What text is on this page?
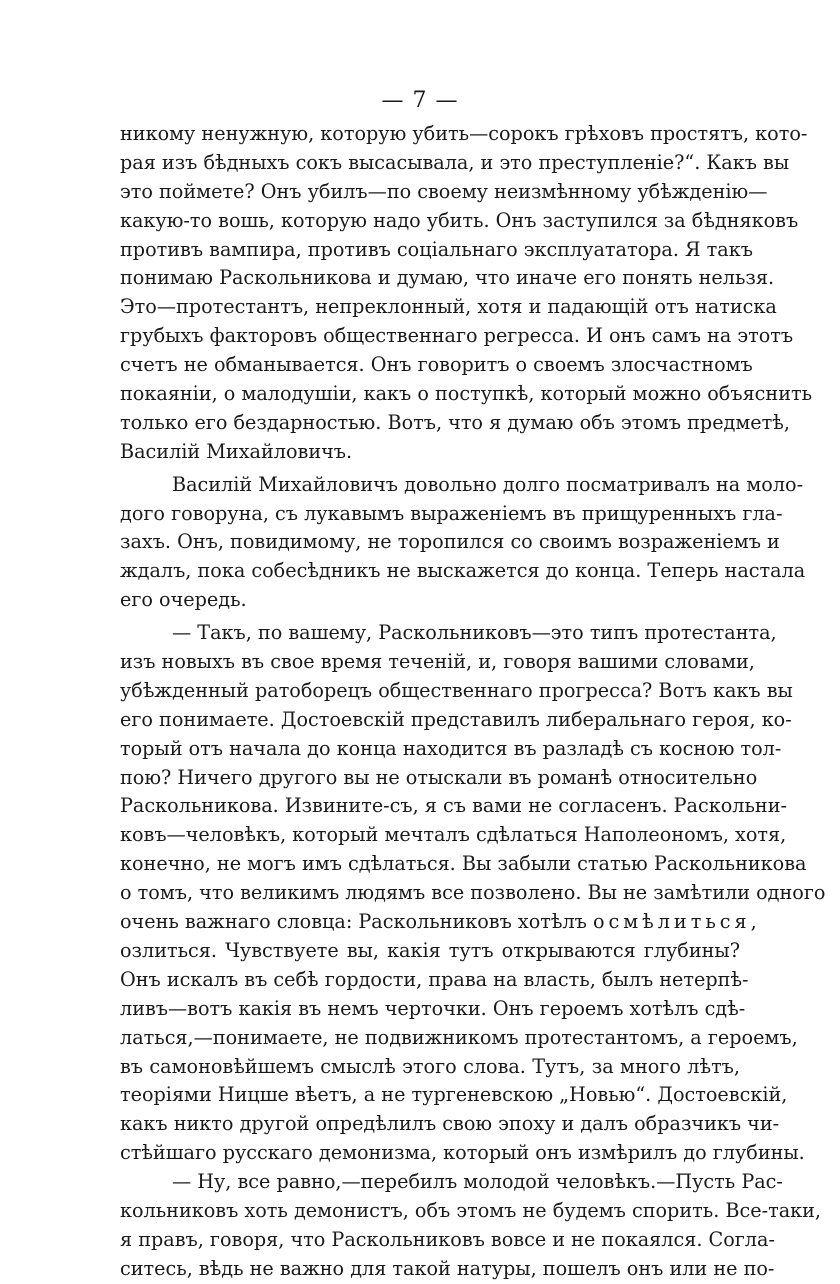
— 7 —

никому ненужную, которую убить—сорокъ грѣховъ простятъ, кото-
рая изъ бѣдныхъ сокъ высасывала, и это преступленіе?“. Какъ вы
это поймете? Онъ убилъ—по своему неизмѣнному убѣжденію—
какую-то вошь, которую надо убить. Онъ заступился за бѣдняковъ
противъ вампира, противъ соціальнаго эксплуататора. Я такъ
понимаю Раскольникова и думаю, что иначе его понять нельзя.
Это—протестантъ, непреклонный, хотя и падающій отъ натиска
грубыхъ факторовъ общественнаго регресса. И онъ самъ на этотъ
счетъ не обманывается. Онъ говоритъ о своемъ злосчастномъ
покаяніи, о малодушіи, какъ о поступкѣ, который можно объяснить
только его бездарностью. Вотъ, что я думаю объ этомъ предметѣ,
Василій Михайловичъ.
Василій Михайловичъ довольно долго посматривалъ на моло-
дого говоруна, съ лукавымъ выраженіемъ въ прищуренныхъ гла-
захъ. Онъ, повидимому, не торопился со своимъ возраженіемъ и
ждалъ, пока собесѣдникъ не выскажется до конца. Теперь настала
его очередь.
— Такъ, по вашему, Раскольниковъ—это типъ протестанта,
изъ новыхъ въ свое время теченій, и, говоря вашими словами,
убѣжденный ратоборецъ общественнаго прогресса? Вотъ какъ вы
его понимаете. Достоевскій представилъ либеральнаго героя, ко-
торый отъ начала до конца находится въ разладѣ съ косною тол-
пою? Ничего другого вы не отыскали въ романѣ относительно
Раскольникова. Извините-съ, я съ вами не согласенъ. Раскольни-
ковъ—человѣкъ, который мечталъ сдѣлаться Наполеономъ, хотя,
конечно, не могъ имъ сдѣлаться. Вы забыли статью Раскольникова
о томъ, что великимъ людямъ все позволено. Вы не замѣтили одного
очень важнаго словца: Раскольниковъ хотѣлъ осмѣлиться,
озлиться. Чувствуете вы, какія тутъ открываются глубины?
Онъ искалъ въ себѣ гордости, права на власть, былъ нетерпѣ-
ливъ—вотъ какія въ немъ черточки. Онъ героемъ хотѣлъ сдѣ-
латься,—понимаете, не подвижникомъ протестантомъ, а героемъ,
въ самоновѣйшемъ смыслѣ этого слова. Тутъ, за много лѣтъ,
теоріями Ницше вѣетъ, а не тургеневскою „Новью“. Достоевскій,
какъ никто другой опредѣлилъ свою эпоху и далъ образчикъ чи-
стѣйшаго русскаго демонизма, который онъ измѣрилъ до глубины.
— Ну, все равно,—перебилъ молодой человѣкъ.—Пусть Рас-
кольниковъ хоть демонистъ, объ этомъ не будемъ спорить. Все-таки,
я правъ, говоря, что Раскольниковъ вовсе и не покаялся. Согла-
ситесь, вѣдь не важно для такой натуры, пошелъ онъ или не по-
